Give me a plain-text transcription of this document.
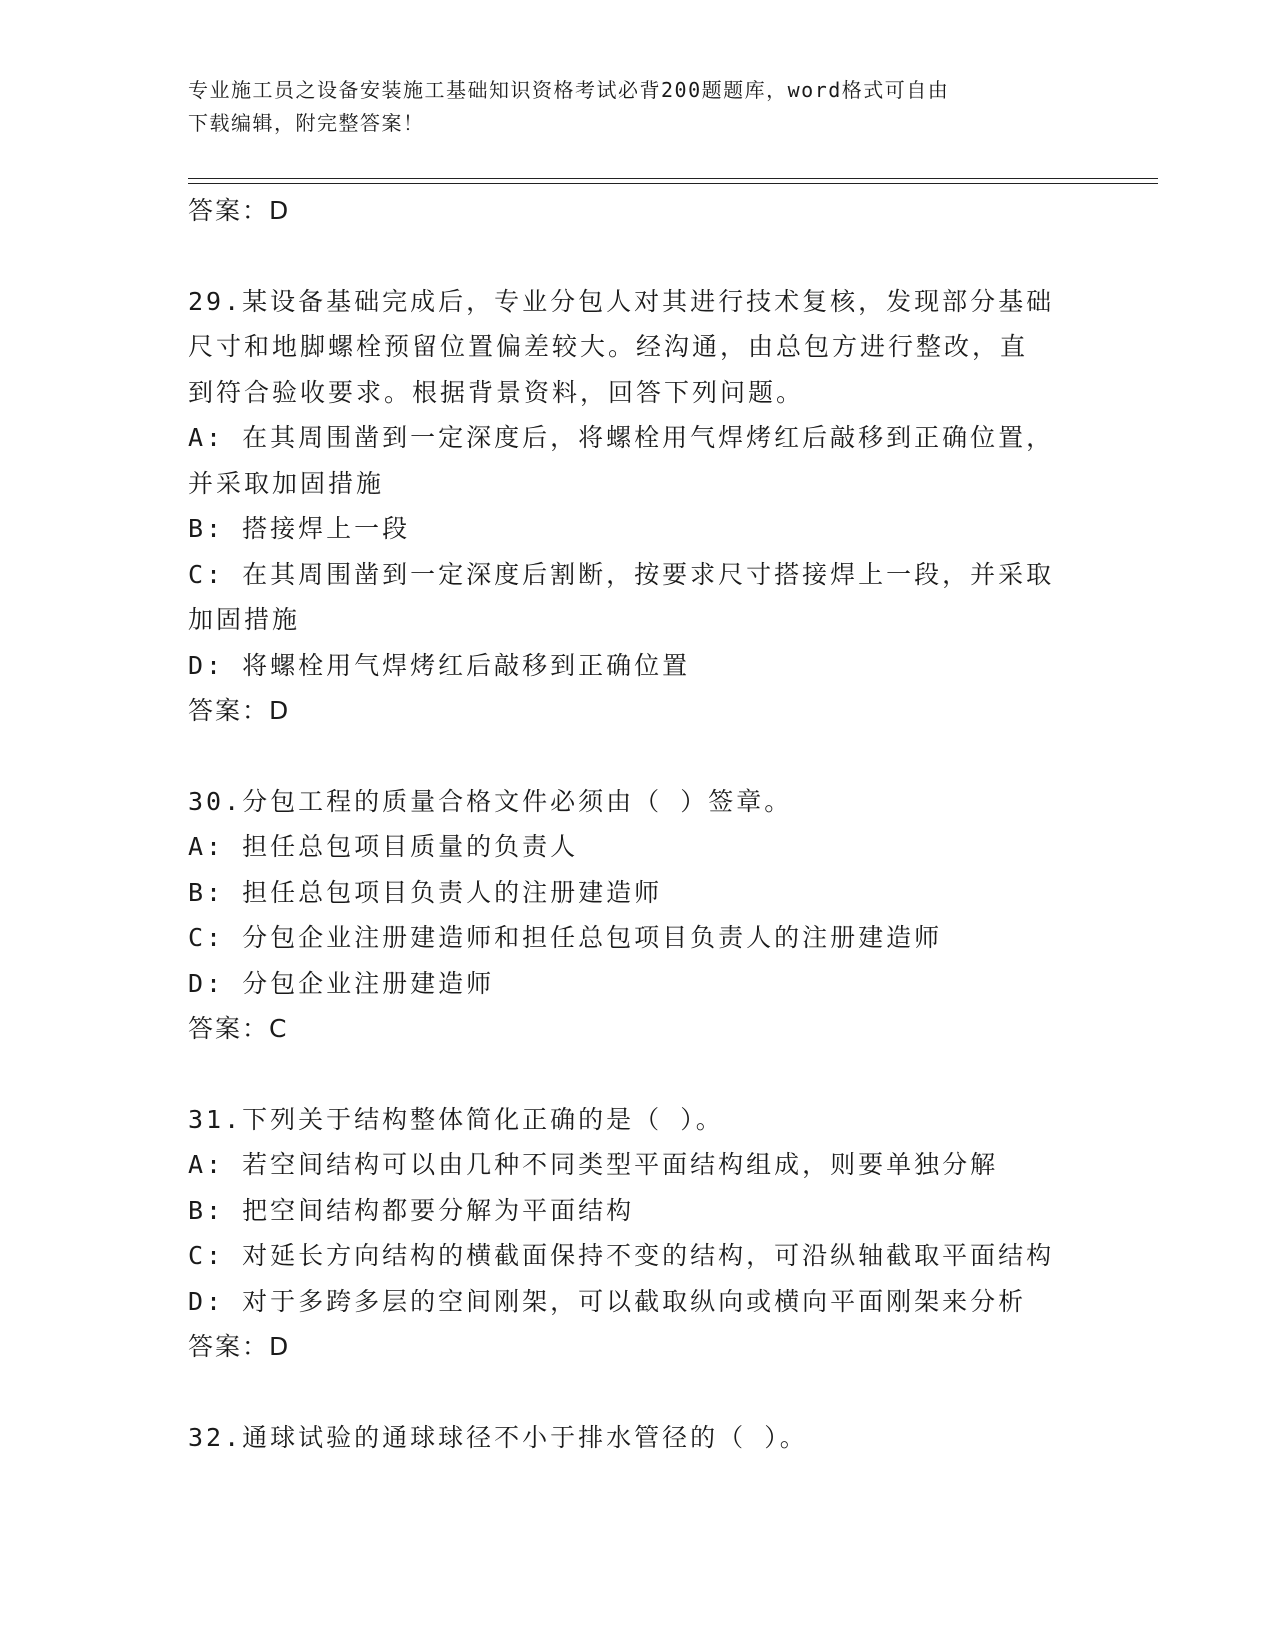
专业施工员之设备安装施工基础知识资格考试必背200题题库，word格式可自由
下载编辑，附完整答案！
答案：D
29.某设备基础完成后，专业分包人对其进行技术复核，发现部分基础
尺寸和地脚螺栓预留位置偏差较大。经沟通，由总包方进行整改，直
到符合验收要求。根据背景资料，回答下列问题。
A: 在其周围凿到一定深度后，将螺栓用气焊烤红后敲移到正确位置，
并采取加固措施
B: 搭接焊上一段
C: 在其周围凿到一定深度后割断，按要求尺寸搭接焊上一段，并采取
加固措施
D: 将螺栓用气焊烤红后敲移到正确位置
答案：D
30.分包工程的质量合格文件必须由（ ）签章。
A: 担任总包项目质量的负责人
B: 担任总包项目负责人的注册建造师
C: 分包企业注册建造师和担任总包项目负责人的注册建造师
D: 分包企业注册建造师
答案：C
31.下列关于结构整体简化正确的是（ ）。
A: 若空间结构可以由几种不同类型平面结构组成，则要单独分解
B: 把空间结构都要分解为平面结构
C: 对延长方向结构的横截面保持不变的结构，可沿纵轴截取平面结构
D: 对于多跨多层的空间刚架，可以截取纵向或横向平面刚架来分析
答案：D
32.通球试验的通球球径不小于排水管径的（ ）。
